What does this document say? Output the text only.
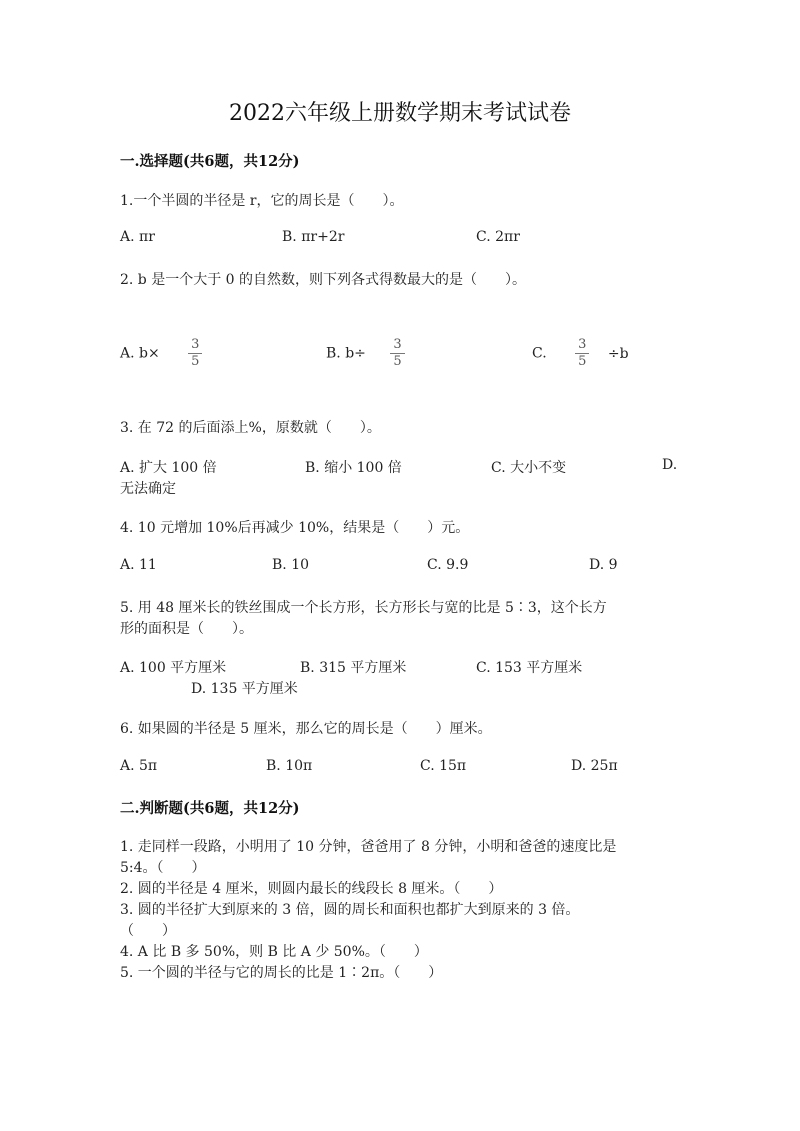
2022六年级上册数学期末考试试卷
一.选择题(共6题，共12分)
1.一个半圆的半径是 r，它的周长是（　　）。
A. πr	B. πr+2r	C. 2πr
2. b 是一个大于 0 的自然数，则下列各式得数最大的是（　　）。
A. $b\times \frac{3}{5}$	B. $b\div \frac{3}{5}$	C. $\frac{3}{5} \div b$
3. 在 72 的后面添上%，原数就（　　）。
A. 扩大 100 倍	B. 缩小 100 倍	C. 大小不变	D.
无法确定
4. 10 元增加 10%后再减少 10%，结果是（　　）元。
A. 11	B. 10	C. 9.9	D. 9
5. 用 48 厘米长的铁丝围成一个长方形，长方形长与宽的比是 5∶3，这个长方
形的面积是（　　）。
A. 100 平方厘米	B. 315 平方厘米	C. 153 平方厘米
D. 135 平方厘米
6. 如果圆的半径是 5 厘米，那么它的周长是（　　）厘米。
A. 5π	B. 10π	C. 15π	D. 25π
二.判断题(共6题，共12分)
1. 走同样一段路，小明用了 10 分钟，爸爸用了 8 分钟，小明和爸爸的速度比是
5:4。（　　）
2. 圆的半径是 4 厘米，则圆内最长的线段长 8 厘米。（　　）
3. 圆的半径扩大到原来的 3 倍，圆的周长和面积也都扩大到原来的 3 倍。
（　　）
4. A 比 B 多 50%，则 B 比 A 少 50%。（　　）
5. 一个圆的半径与它的周长的比是 1∶2π。（　　）
